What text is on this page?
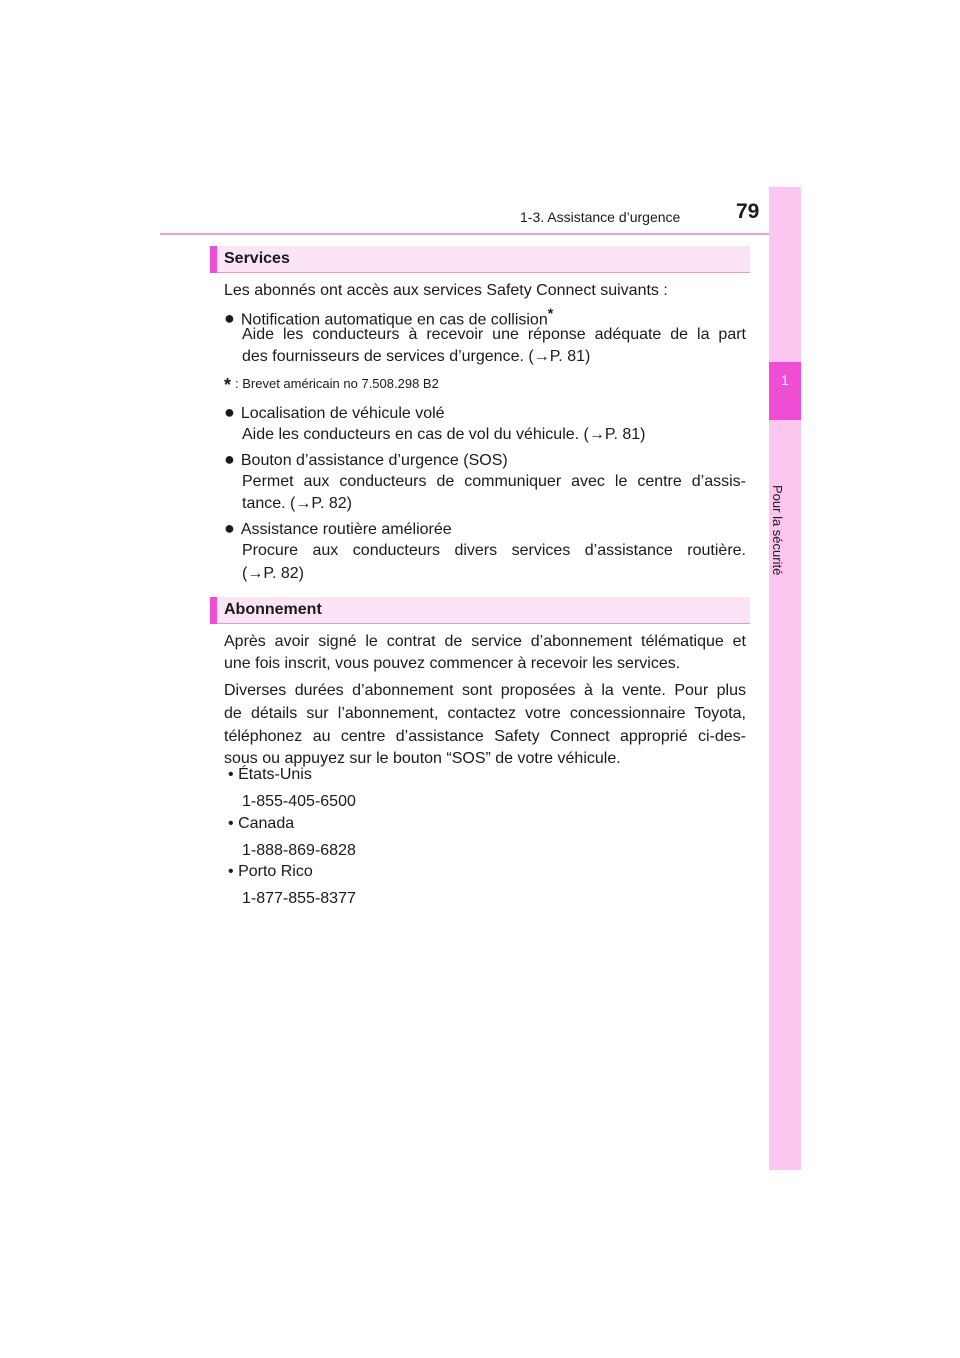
1-3. Assistance d’urgence	79
1
Pour la sécurité
Services
Les abonnés ont accès aux services Safety Connect suivants :
● Notification automatique en cas de collision*
Aide les conducteurs à recevoir une réponse adéquate de la part
des fournisseurs de services d’urgence. (→P. 81)
* : Brevet américain no 7.508.298 B2
● Localisation de véhicule volé
Aide les conducteurs en cas de vol du véhicule. (→P. 81)
● Bouton d’assistance d’urgence (SOS)
Permet aux conducteurs de communiquer avec le centre d’assis-
tance. (→P. 82)
● Assistance routière améliorée
Procure aux conducteurs divers services d’assistance routière.
(→P. 82)
Abonnement
Après avoir signé le contrat de service d’abonnement télématique et
une fois inscrit, vous pouvez commencer à recevoir les services.
Diverses durées d’abonnement sont proposées à la vente. Pour plus
de détails sur l’abonnement, contactez votre concessionnaire Toyota,
téléphonez au centre d’assistance Safety Connect approprié ci-des-
sous ou appuyez sur le bouton “SOS” de votre véhicule.
• États-Unis
1-855-405-6500
• Canada
1-888-869-6828
• Porto Rico
1-877-855-8377
